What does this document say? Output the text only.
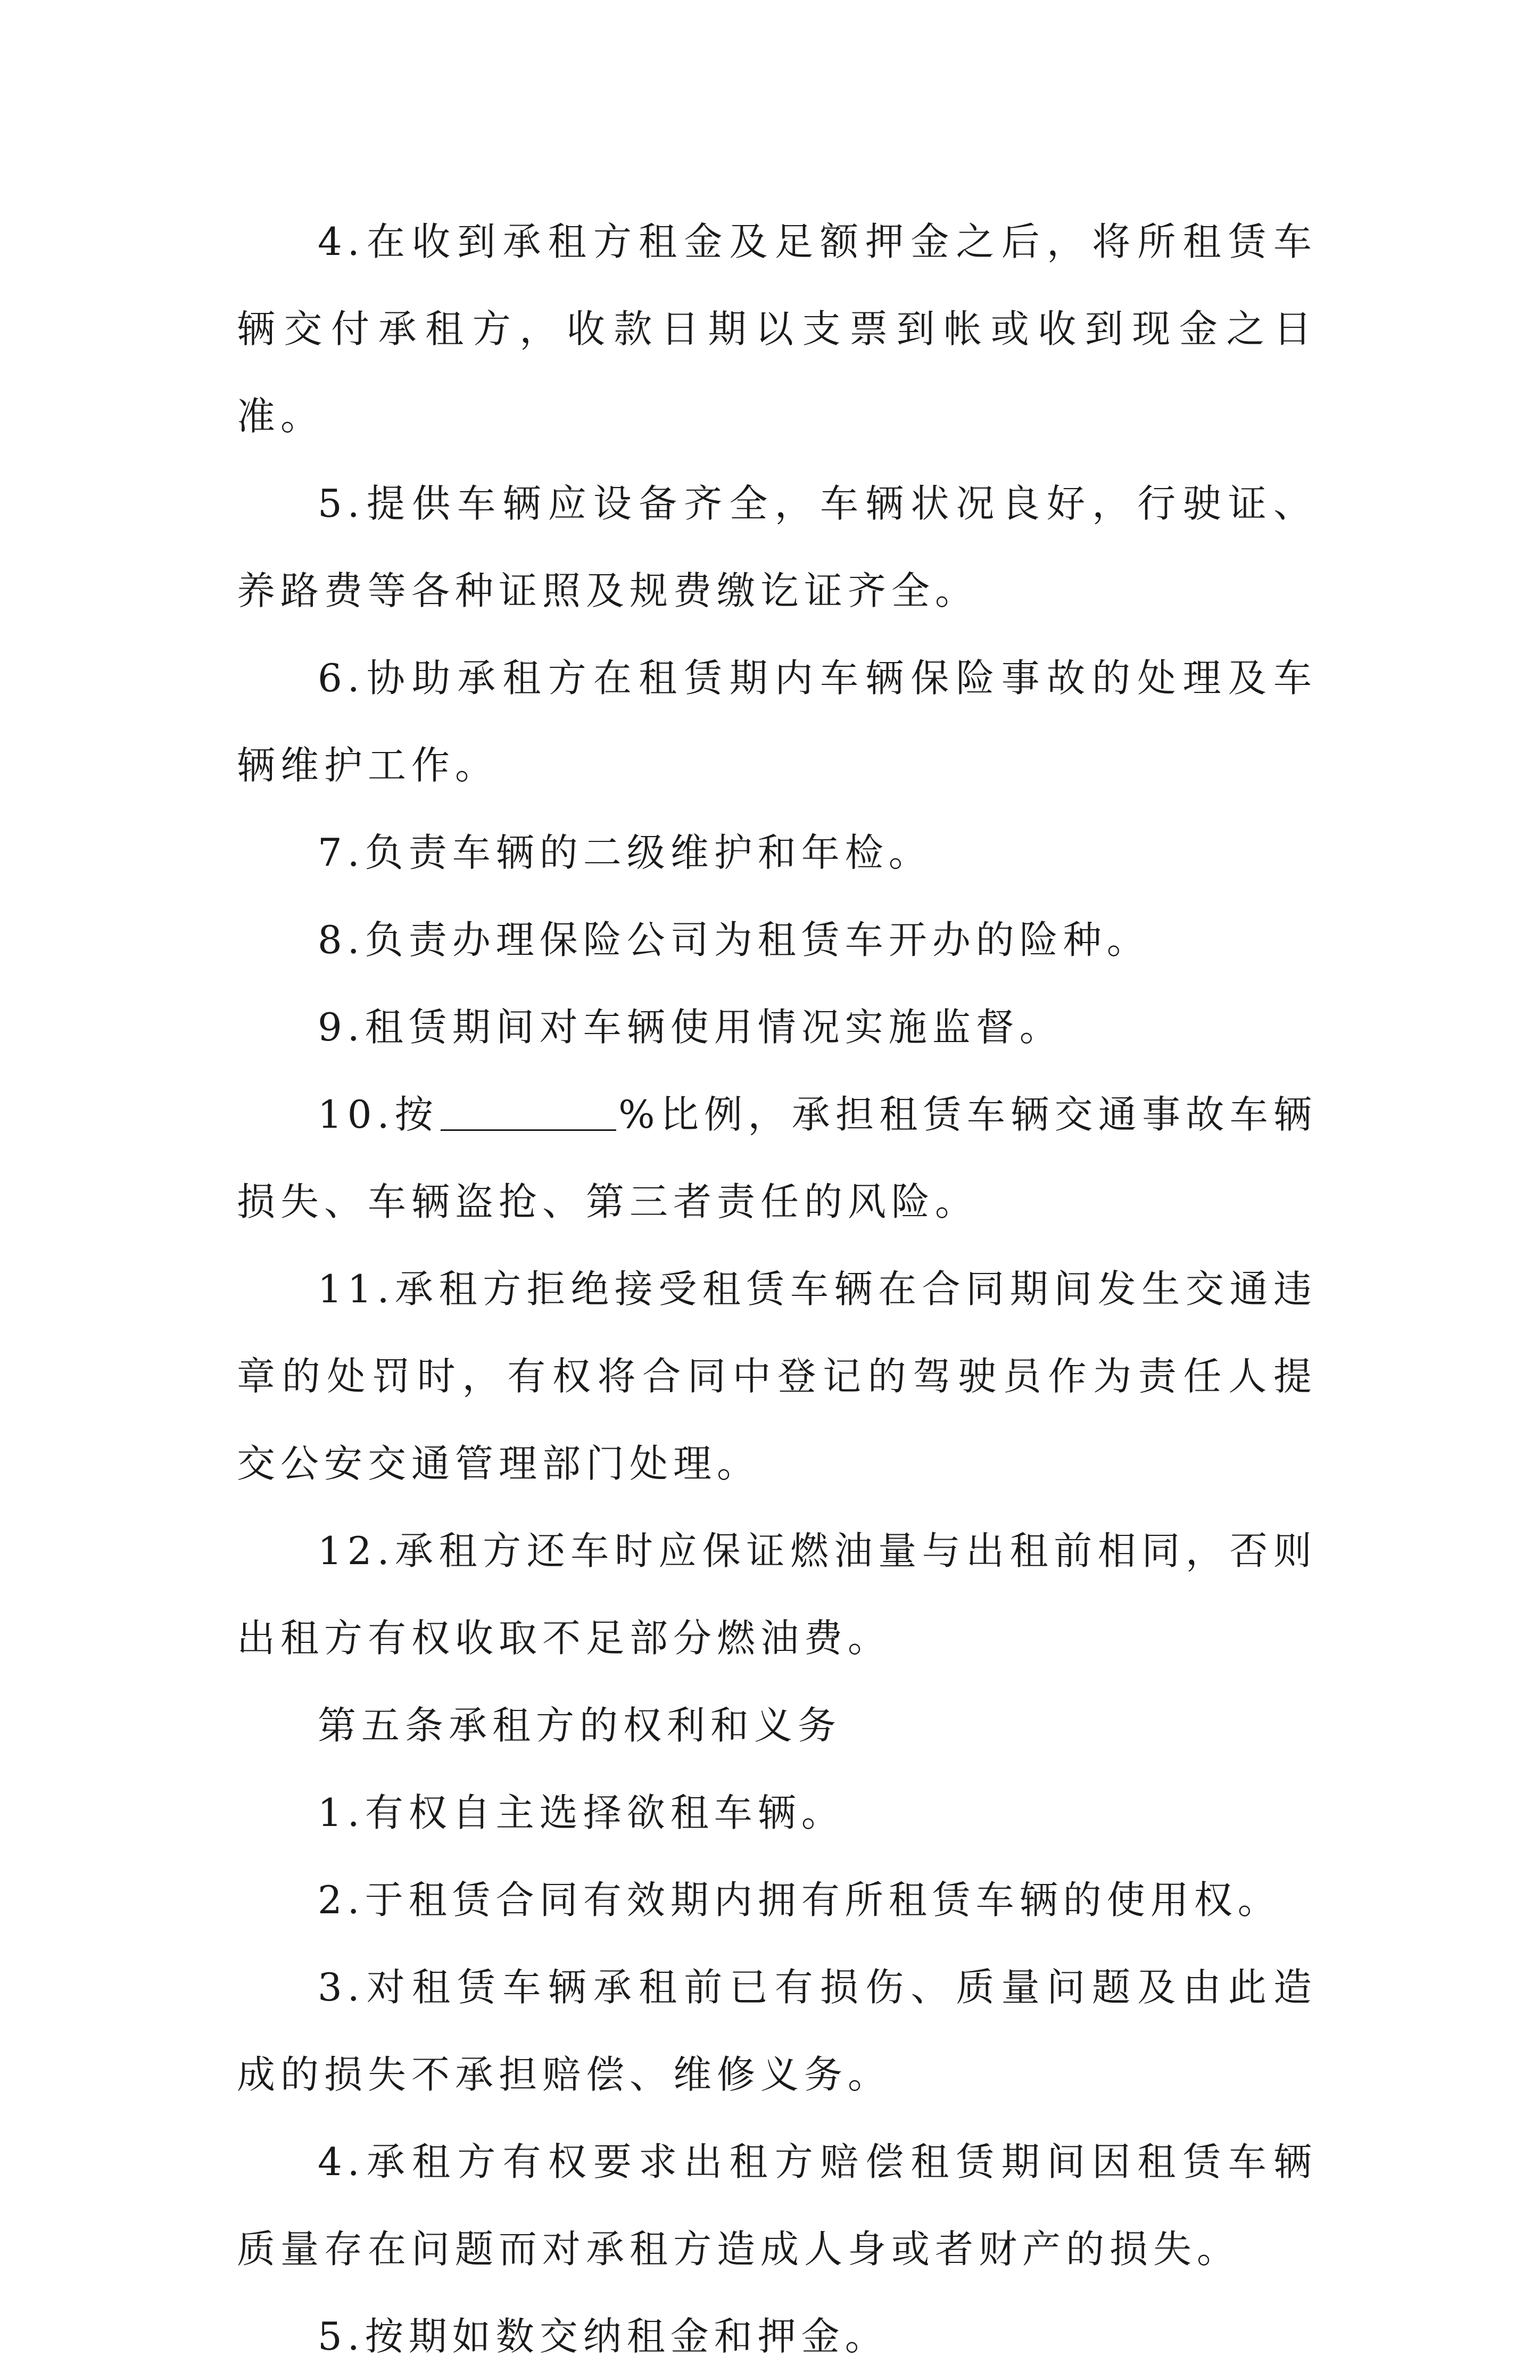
4.在收到承租方租金及足额押金之后，将所租赁车辆交付承租方，收款日期以支票到帐或收到现金之日准。

5.提供车辆应设备齐全，车辆状况良好，行驶证、养路费等各种证照及规费缴讫证齐全。

6.协助承租方在租赁期内车辆保险事故的处理及车辆维护工作。

7.负责车辆的二级维护和年检。

8.负责办理保险公司为租赁车开办的险种。

9.租赁期间对车辆使用情况实施监督。

10.按	%比例，承担租赁车辆交通事故车辆损失、车辆盗抢、第三者责任的风险。

11.承租方拒绝接受租赁车辆在合同期间发生交通违章的处罚时，有权将合同中登记的驾驶员作为责任人提交公安交通管理部门处理。

12.承租方还车时应保证燃油量与出租前相同，否则出租方有权收取不足部分燃油费。

第五条承租方的权利和义务

1.有权自主选择欲租车辆。

2.于租赁合同有效期内拥有所租赁车辆的使用权。

3.对租赁车辆承租前已有损伤、质量问题及由此造成的损失不承担赔偿、维修义务。

4.承租方有权要求出租方赔偿租赁期间因租赁车辆质量存在问题而对承租方造成人身或者财产的损失。

5.按期如数交纳租金和押金。
